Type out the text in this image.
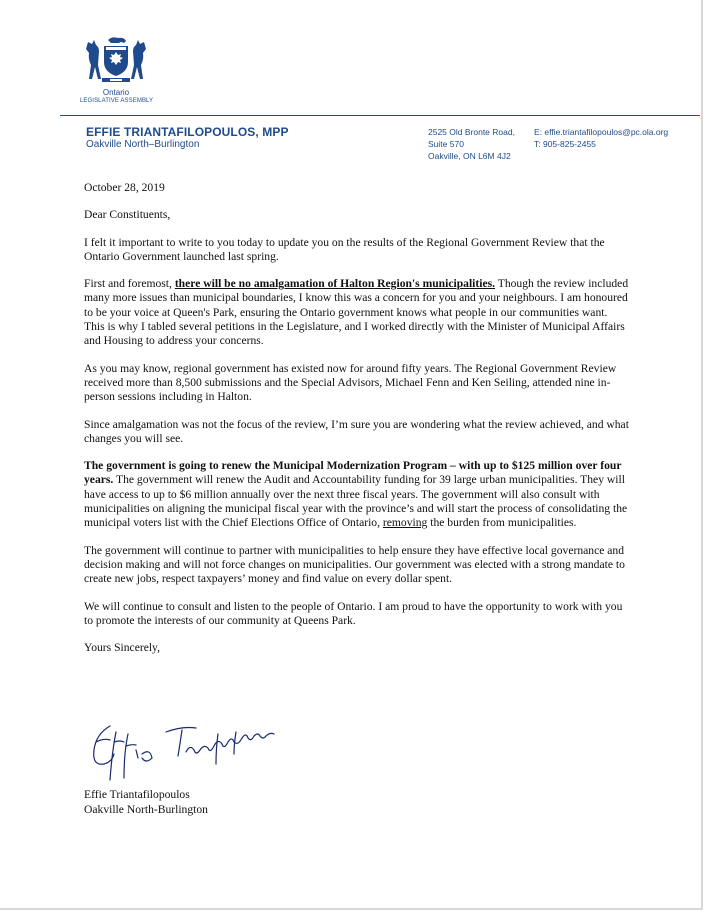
Ontario
LEGISLATIVE ASSEMBLY
EFFIE TRIANTAFILOPOULOS, MPP
Oakville North–Burlington
2525 Old Bronte Road,
Suite 570
Oakville, ON L6M 4J2
E: effie.triantafilopoulos@pc.ola.org
T: 905-825-2455

October 28, 2019

Dear Constituents,

I felt it important to write to you today to update you on the results of the Regional Government Review that the Ontario Government launched last spring.

First and foremost, there will be no amalgamation of Halton Region's municipalities. Though the review included many more issues than municipal boundaries, I know this was a concern for you and your neighbours. I am honoured to be your voice at Queen's Park, ensuring the Ontario government knows what people in our communities want. This is why I tabled several petitions in the Legislature, and I worked directly with the Minister of Municipal Affairs and Housing to address your concerns.

As you may know, regional government has existed now for around fifty years. The Regional Government Review received more than 8,500 submissions and the Special Advisors, Michael Fenn and Ken Seiling, attended nine in-person sessions including in Halton.

Since amalgamation was not the focus of the review, I’m sure you are wondering what the review achieved, and what changes you will see.

The government is going to renew the Municipal Modernization Program – with up to $125 million over four years. The government will renew the Audit and Accountability funding for 39 large urban municipalities. They will have access to up to $6 million annually over the next three fiscal years. The government will also consult with municipalities on aligning the municipal fiscal year with the province’s and will start the process of consolidating the municipal voters list with the Chief Elections Office of Ontario, removing the burden from municipalities.

The government will continue to partner with municipalities to help ensure they have effective local governance and decision making and will not force changes on municipalities. Our government was elected with a strong mandate to create new jobs, respect taxpayers’ money and find value on every dollar spent.

We will continue to consult and listen to the people of Ontario. I am proud to have the opportunity to work with you to promote the interests of our community at Queens Park.

Yours Sincerely,

Effie Triantafilopoulos
Oakville North-Burlington
